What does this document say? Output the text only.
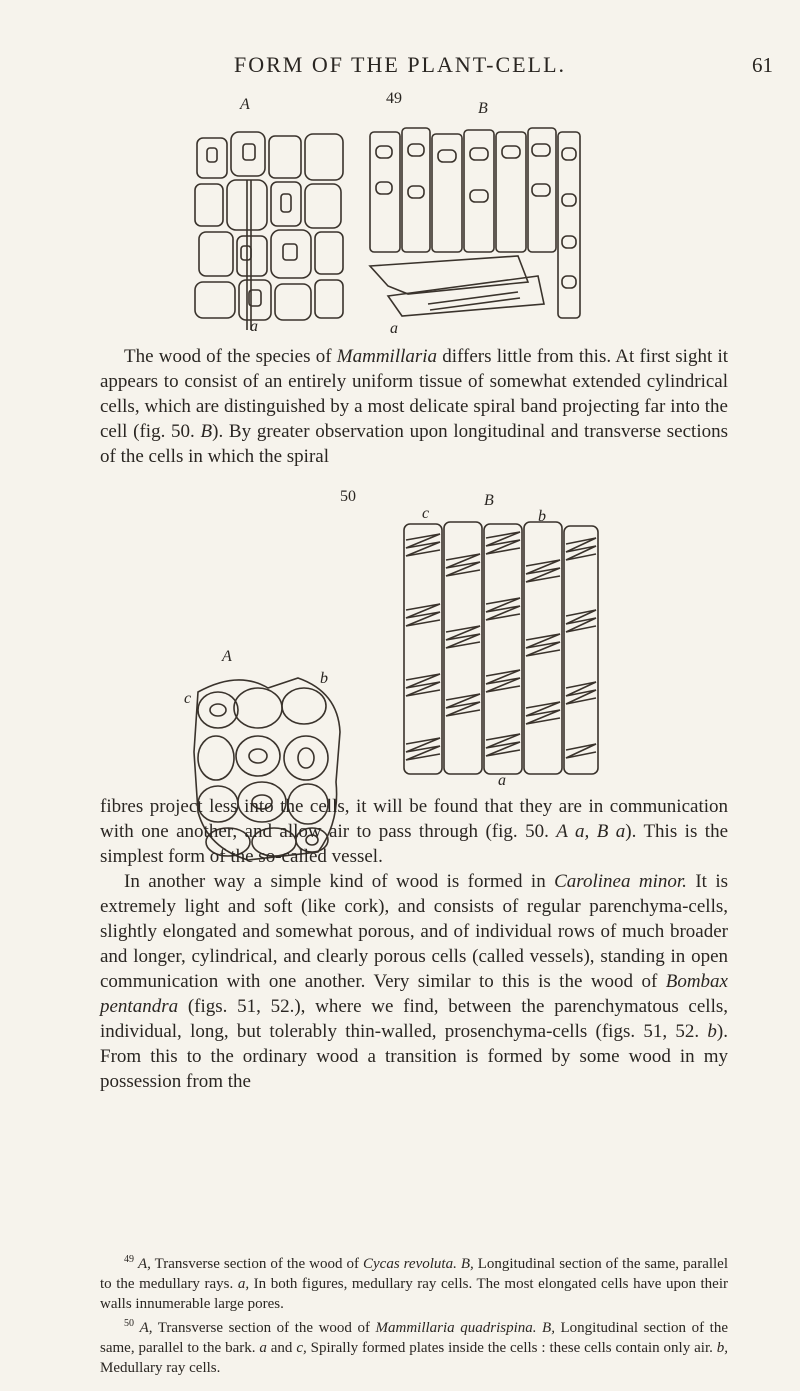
FORM OF THE PLANT-CELL.	61
A	49
B
a	a

The wood of the species of Mammillaria differs little from this. At first sight it appears to consist of an entirely uniform tissue of somewhat extended cylindrical cells, which are distinguished by a most delicate spiral band projecting far into the cell (fig. 50. B). By greater observation upon longitudinal and transverse sections of the cells in which the spiral

50
c
B
b
A
b
c
a

fibres project less into the cells, it will be found that they are in communication with one another, and allow air to pass through (fig. 50. A a, B a). This is the simplest form of the so-called vessel.

In another way a simple kind of wood is formed in Carolinea minor. It is extremely light and soft (like cork), and consists of regular parenchyma-cells, slightly elongated and somewhat porous, and of individual rows of much broader and longer, cylindrical, and clearly porous cells (called vessels), standing in open communication with one another. Very similar to this is the wood of Bombax pentandra (figs. 51, 52.), where we find, between the parenchymatous cells, individual, long, but tolerably thin-walled, prosenchyma-cells (figs. 51, 52. b). From this to the ordinary wood a transition is formed by some wood in my possession from the

$^{49}$ A, Transverse section of the wood of Cycas revoluta. B, Longitudinal section of the same, parallel to the medullary rays. a, In both figures, medullary ray cells. The most elongated cells have upon their walls innumerable large pores.

$^{50}$ A, Transverse section of the wood of Mammillaria quadrispina. B, Longitudinal section of the same, parallel to the bark. a and c, Spirally formed plates inside the cells : these cells contain only air. b, Medullary ray cells.
